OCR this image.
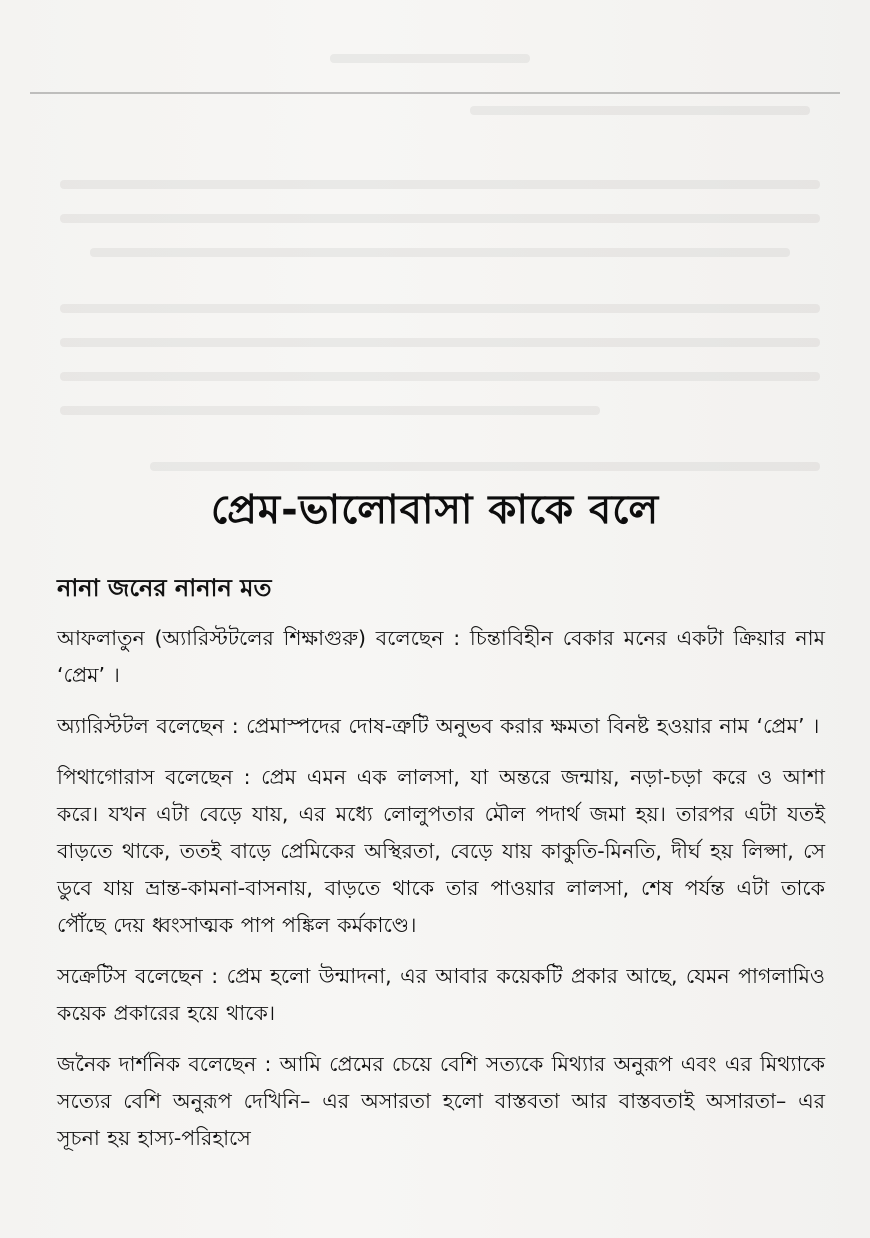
প্রেম-ভালোবাসা কাকে বলে
নানা জনের নানান মত

আফলাতুন (অ্যারিস্টটলের শিক্ষাগুরু) বলেছেন : চিন্তাবিহীন বেকার মনের একটা ক্রিয়ার নাম ‘প্রেম’ ।

অ্যারিস্টটল বলেছেন : প্রেমাস্পদের দোষ-ত্রুটি অনুভব করার ক্ষমতা বিনষ্ট হওয়ার নাম ‘প্রেম’ ।

পিথাগোরাস বলেছেন : প্রেম এমন এক লালসা, যা অন্তরে জন্মায়, নড়া-চড়া করে ও আশা করে। যখন এটা বেড়ে যায়, এর মধ্যে লোলুপতার মৌল পদার্থ জমা হয়। তারপর এটা যতই বাড়তে থাকে, ততই বাড়ে প্রেমিকের অস্থিরতা, বেড়ে যায় কাকুতি-মিনতি, দীর্ঘ হয় লিপ্সা, সে ডুবে যায় ভ্রান্ত-কামনা-বাসনায়, বাড়তে থাকে তার পাওয়ার লালসা, শেষ পর্যন্ত এটা তাকে পৌঁছে দেয় ধ্বংসাত্মক পাপ পঙ্কিল কর্মকাণ্ডে।

সক্রেটিস বলেছেন : প্রেম হলো উন্মাদনা, এর আবার কয়েকটি প্রকার আছে, যেমন পাগলামিও কয়েক প্রকারের হয়ে থাকে।

জনৈক দার্শনিক বলেছেন : আমি প্রেমের চেয়ে বেশি সত্যকে মিথ্যার অনুরূপ এবং এর মিথ্যাকে সত্যের বেশি অনুরূপ দেখিনি– এর অসারতা হলো বাস্তবতা আর বাস্তবতাই অসারতা– এর সূচনা হয় হাস্য-পরিহাসে
